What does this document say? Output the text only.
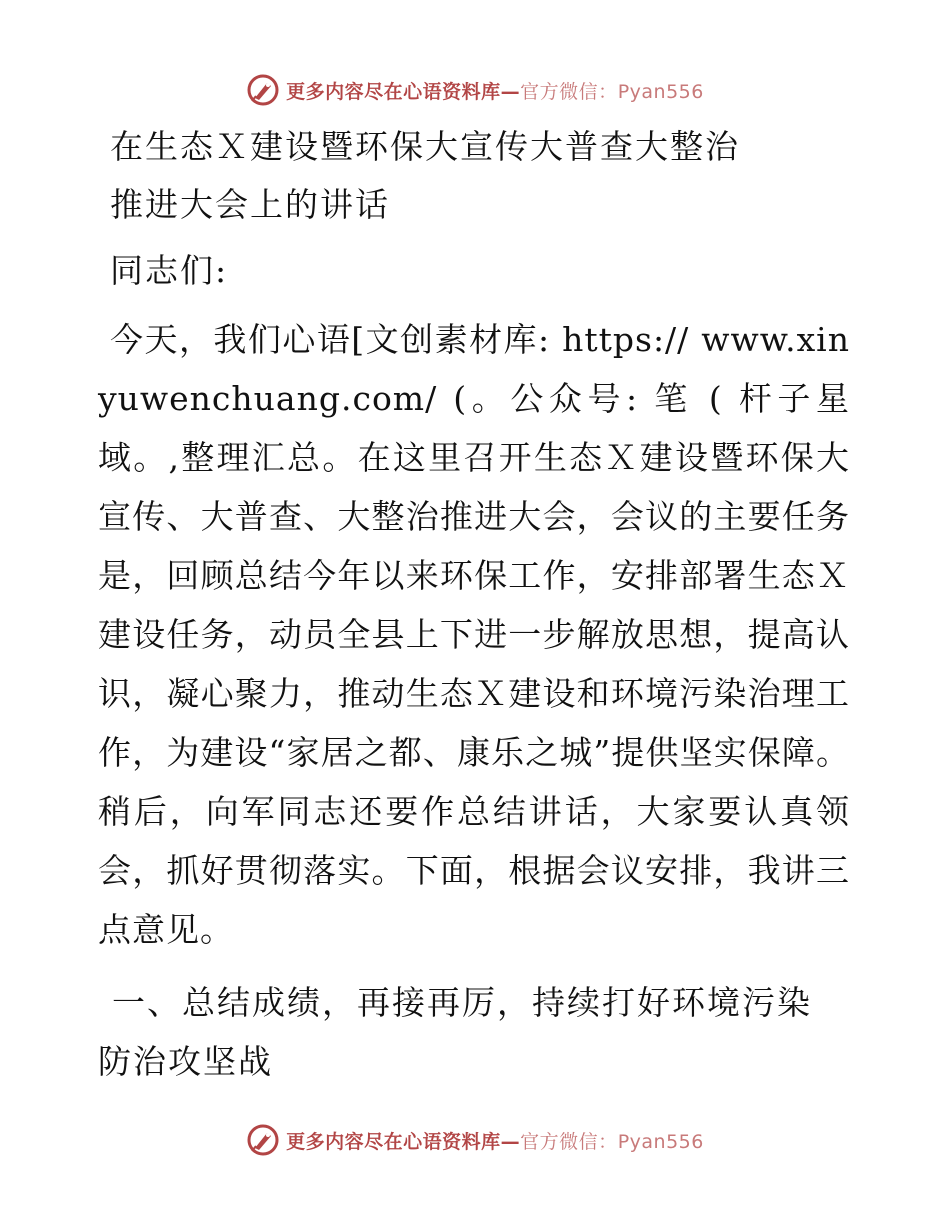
更多内容尽在心语资料库—官方微信：Pyan556
在生态Ｘ建设暨环保大宣传大普查大整治
推进大会上的讲话
同志们:

今天，我们心语[文创素材库: https:// www.xinyuwenchuang.com/ (。公众号: 笔 ( 杆子星域。,整理汇总。在这里召开生态Ｘ建设暨环保大宣传、大普查、大整治推进大会，会议的主要任务是，回顾总结今年以来环保工作，安排部署生态Ｘ建设任务，动员全县上下进一步解放思想，提高认识，凝心聚力，推动生态Ｘ建设和环境污染治理工作，为建设“家居之都、康乐之城”提供坚实保障。稍后，向军同志还要作总结讲话，大家要认真领会，抓好贯彻落实。下面，根据会议安排，我讲三点意见。

一、总结成绩，再接再厉，持续打好环境污染防治攻坚战

更多内容尽在心语资料库—官方微信：Pyan556
